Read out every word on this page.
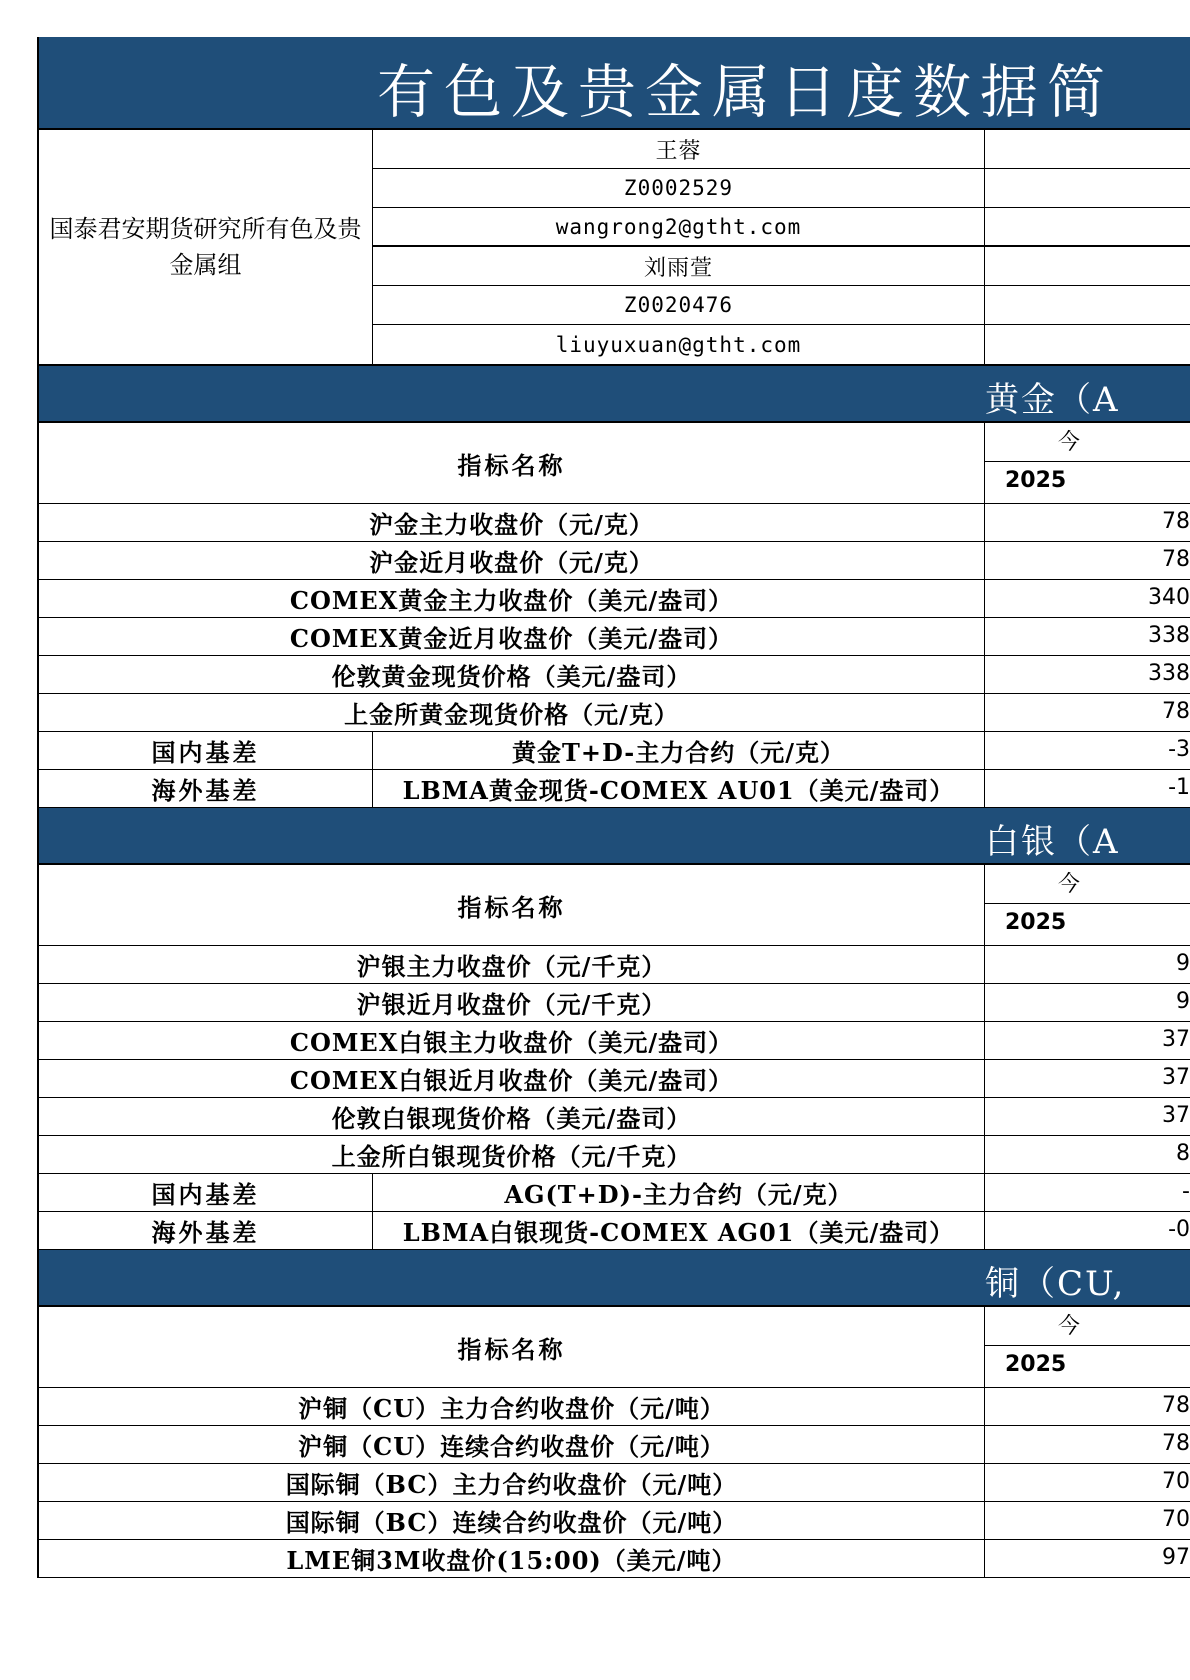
有色及贵金属日度数据简
国泰君安期货研究所有色及贵金属组
王蓉
Z0002529
wangrong2@gtht.com
刘雨萱
Z0020476
liuyuxuan@gtht.com
黄金（A
指标名称
今
2025
沪金主力收盘价（元/克）	78
沪金近月收盘价（元/克）	78
COMEX黄金主力收盘价（美元/盎司）	340
COMEX黄金近月收盘价（美元/盎司）	338
伦敦黄金现货价格（美元/盎司）	338
上金所黄金现货价格（元/克）	78
国内基差	黄金T+D-主力合约（元/克）	-3
海外基差	LBMA黄金现货-COMEX AU01（美元/盎司）	-1
白银（A
指标名称
今
2025
沪银主力收盘价（元/千克）	9
沪银近月收盘价（元/千克）	9
COMEX白银主力收盘价（美元/盎司）	37
COMEX白银近月收盘价（美元/盎司）	37
伦敦白银现货价格（美元/盎司）	37
上金所白银现货价格（元/千克）	8
国内基差	AG(T+D)-主力合约（元/克）	-
海外基差	LBMA白银现货-COMEX AG01（美元/盎司）	-0
铜（CU,
指标名称
今
2025
沪铜（CU）主力合约收盘价（元/吨）	78
沪铜（CU）连续合约收盘价（元/吨）	78
国际铜（BC）主力合约收盘价（元/吨）	70
国际铜（BC）连续合约收盘价（元/吨）	70
LME铜3M收盘价(15:00)（美元/吨）	97
